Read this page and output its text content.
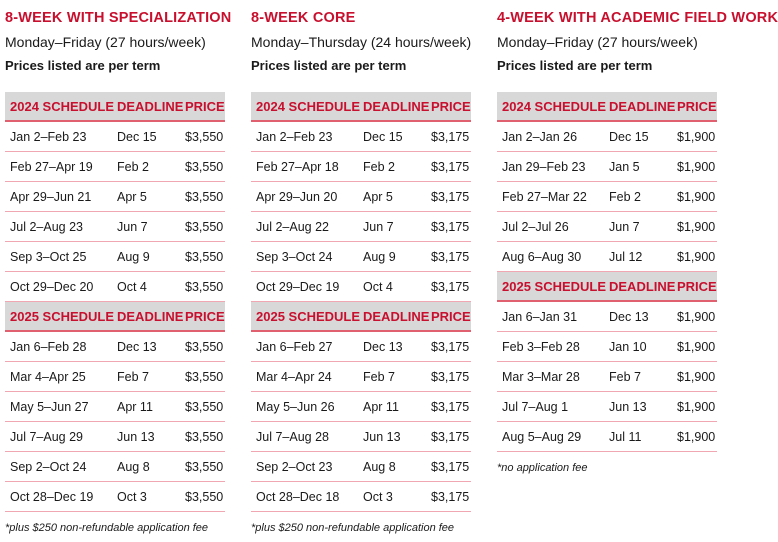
8-WEEK WITH SPECIALIZATION
Monday–Friday (27 hours/week)
Prices listed are per term
2024 SCHEDULE DEADLINE PRICE
Jan 2–Feb 23 Dec 15 $3,550
Feb 27–Apr 19 Feb 2	$3,550
Apr 29–Jun 21 Apr 5	$3,550
Jul 2–Aug 23	Jun 7	$3,550
Sep 3–Oct 25 Aug 9	$3,550
Oct 29–Dec 20 Oct 4	$3,550
2025 SCHEDULE DEADLINE PRICE
Jan 6–Feb 28 Dec 13 $3,550
Mar 4–Apr 25	Feb 7	$3,550
May 5–Jun 27 Apr 11	$3,550
Jul 7–Aug 29	Jun 13 $3,550
Sep 2–Oct 24 Aug 8	$3,550
Oct 28–Dec 19 Oct 3	$3,550
*plus $250 non-refundable application fee
8-WEEK CORE
Monday–Thursday (24 hours/week)
Prices listed are per term
2024 SCHEDULE DEADLINE PRICE
Jan 2–Feb 23 Dec 15 $3,175
Feb 27–Apr 18 Feb 2	$3,175
Apr 29–Jun 20 Apr 5	$3,175
Jul 2–Aug 22	Jun 7	$3,175
Sep 3–Oct 24 Aug 9	$3,175
Oct 29–Dec 19 Oct 4	$3,175
2025 SCHEDULE DEADLINE PRICE
Jan 6–Feb 27 Dec 13 $3,175
Mar 4–Apr 24	Feb 7	$3,175
May 5–Jun 26 Apr 11	$3,175
Jul 7–Aug 28	Jun 13 $3,175
Sep 2–Oct 23 Aug 8	$3,175
Oct 28–Dec 18 Oct 3	$3,175
*plus $250 non-refundable application fee
4-WEEK WITH ACADEMIC FIELD WORK
Monday–Friday (27 hours/week)
Prices listed are per term
2024 SCHEDULE DEADLINE PRICE
Jan 2–Jan 26	Dec 15 $1,900
Jan 29–Feb 23 Jan 5	$1,900
Feb 27–Mar 22 Feb 2	$1,900
Jul 2–Jul 26	Jun 7	$1,900
Aug 6–Aug 30 Jul 12	$1,900
2025 SCHEDULE DEADLINE PRICE
Jan 6–Jan 31	Dec 13 $1,900
Feb 3–Feb 28 Jan 10 $1,900
Mar 3–Mar 28 Feb 7	$1,900
Jul 7–Aug 1	Jun 13 $1,900
Aug 5–Aug 29 Jul 11	$1,900
*no application fee
